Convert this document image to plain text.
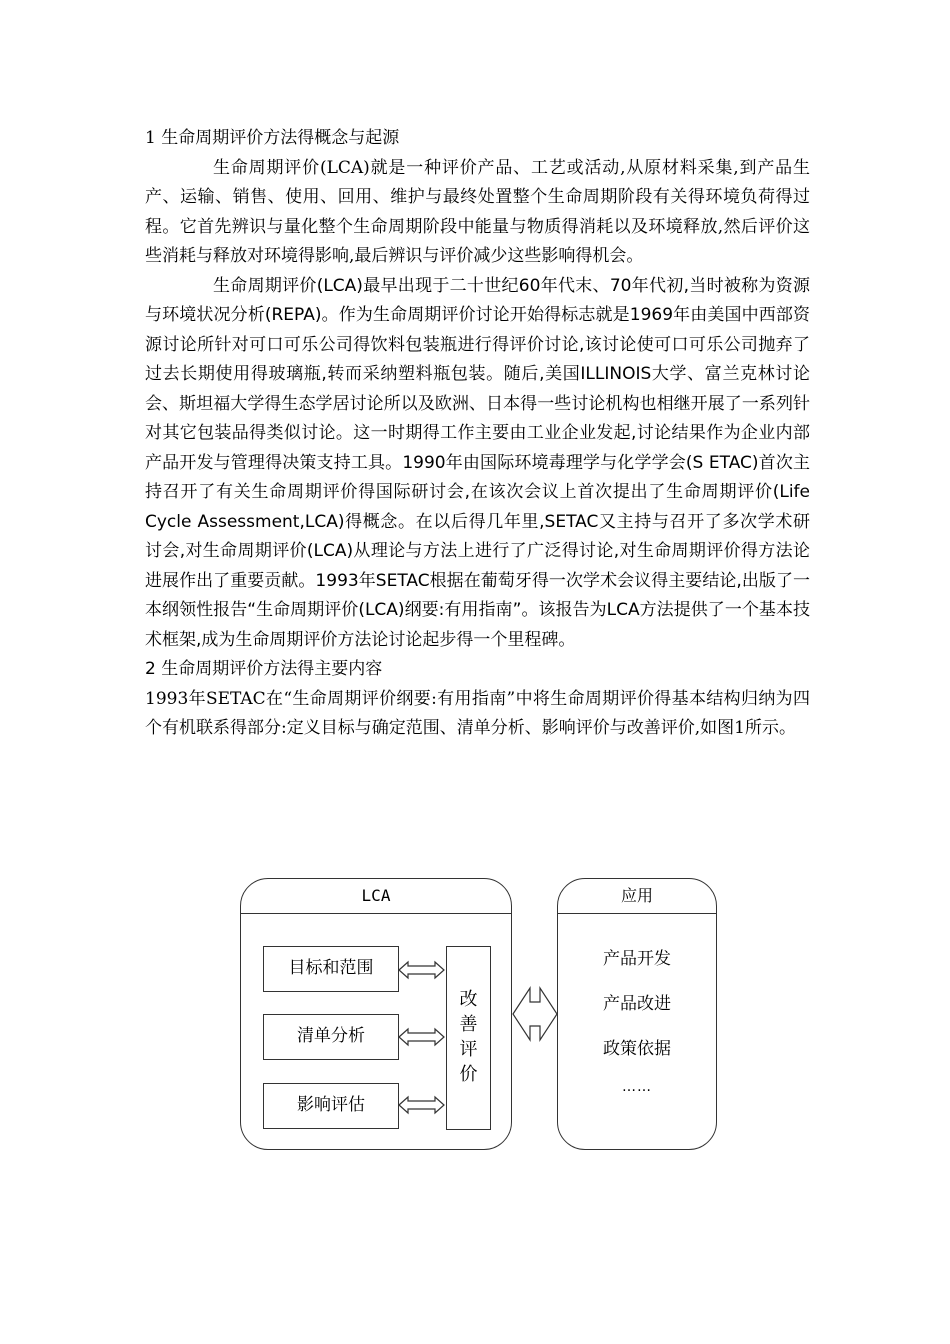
1 生命周期评价方法得概念与起源

生命周期评价(LCA)就是一种评价产品、工艺或活动,从原材料采集,到产品生产、运输、销售、使用、回用、维护与最终处置整个生命周期阶段有关得环境负荷得过程。它首先辨识与量化整个生命周期阶段中能量与物质得消耗以及环境释放,然后评价这些消耗与释放对环境得影响,最后辨识与评价减少这些影响得机会。

生命周期评价(LCA)最早出现于二十世纪60年代末、70年代初,当时被称为资源与环境状况分析(REPA)。作为生命周期评价讨论开始得标志就是1969年由美国中西部资源讨论所针对可口可乐公司得饮料包装瓶进行得评价讨论,该讨论使可口可乐公司抛弃了过去长期使用得玻璃瓶,转而采纳塑料瓶包装。随后,美国ILLINOIS大学、富兰克林讨论会、斯坦福大学得生态学居讨论所以及欧洲、日本得一些讨论机构也相继开展了一系列针对其它包装品得类似讨论。这一时期得工作主要由工业企业发起,讨论结果作为企业内部产品开发与管理得决策支持工具。1990年由国际环境毒理学与化学学会(S ETAC)首次主持召开了有关生命周期评价得国际研讨会,在该次会议上首次提出了生命周期评价(Life Cycle Assessment,LCA)得概念。在以后得几年里,SETAC又主持与召开了多次学术研讨会,对生命周期评价(LCA)从理论与方法上进行了广泛得讨论,对生命周期评价得方法论进展作出了重要贡献。1993年SETAC根据在葡萄牙得一次学术会议得主要结论,出版了一本纲领性报告“生命周期评价(LCA)纲要:有用指南”。该报告为LCA方法提供了一个基本技术框架,成为生命周期评价方法论讨论起步得一个里程碑。

2 生命周期评价方法得主要内容

1993年SETAC在“生命周期评价纲要:有用指南”中将生命周期评价得基本结构归纳为四个有机联系得部分:定义目标与确定范围、清单分析、影响评价与改善评价,如图1所示。

LCA
目标和范围
清单分析
影响评估
改
善
评
价
应用
产品开发
产品改进
政策依据
……
